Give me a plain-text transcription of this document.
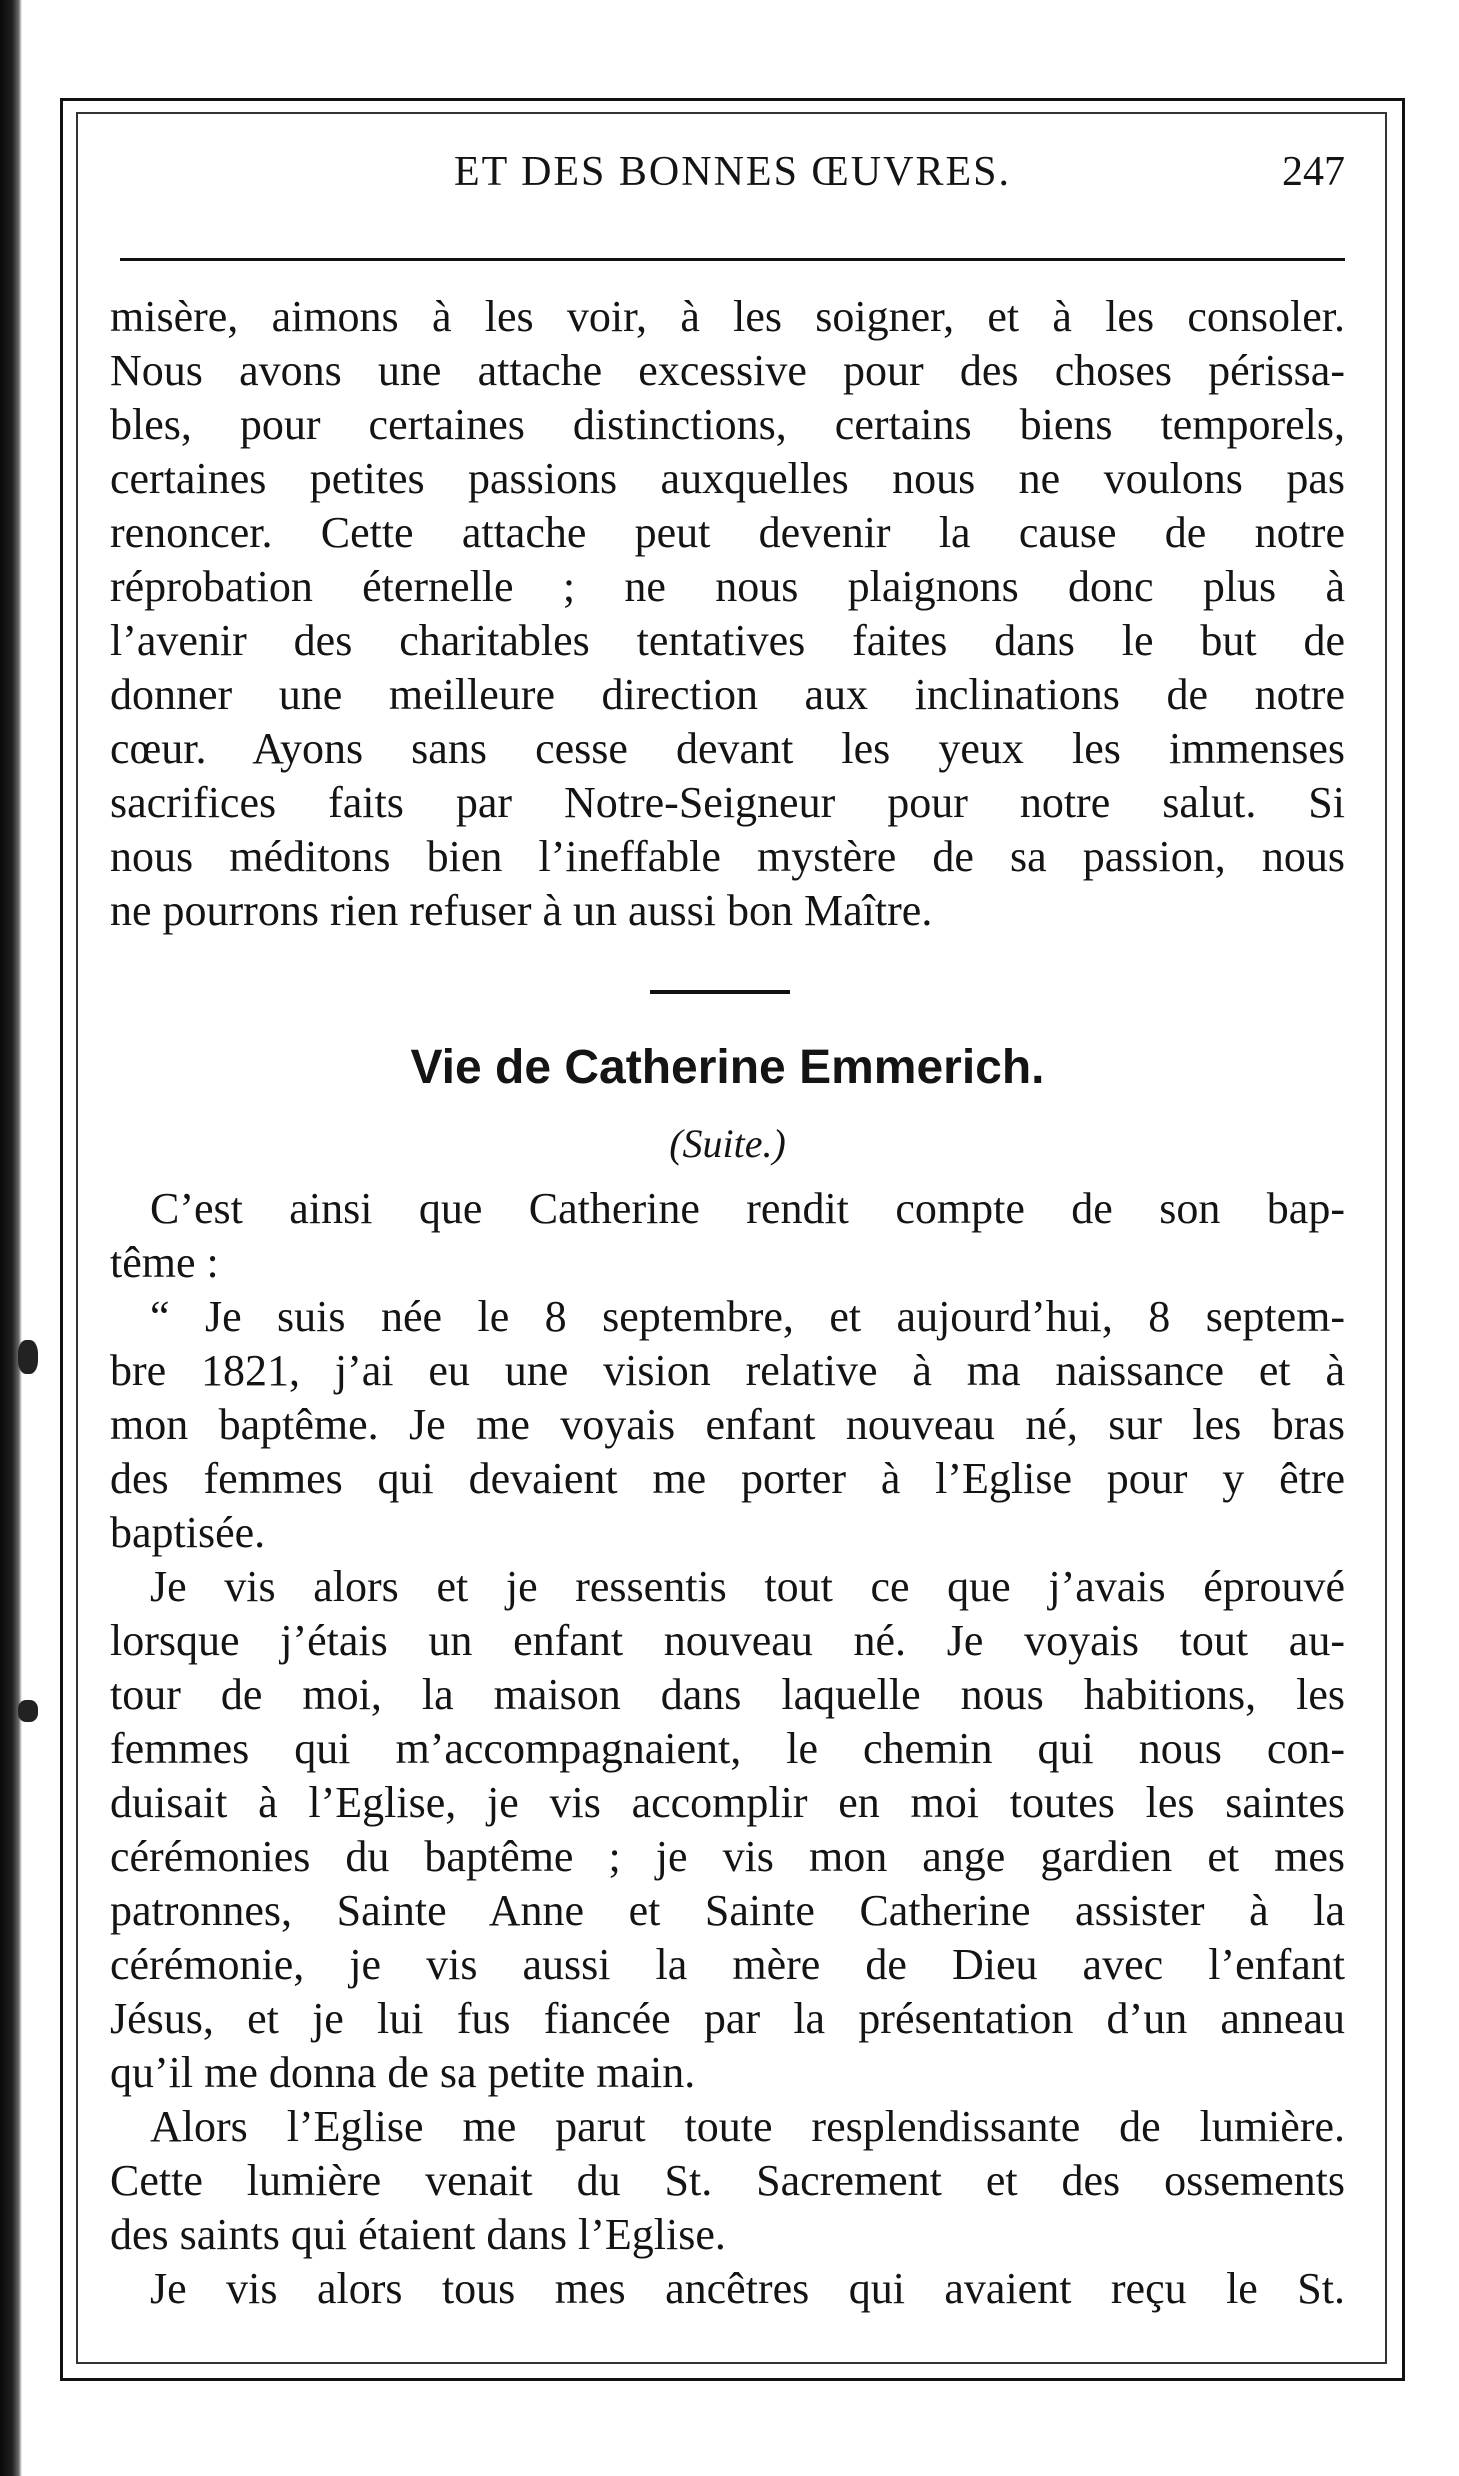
ET DES BONNES ŒUVRES.	247
misère, aimons à les voir, à les soigner, et à les consoler.
Nous avons une attache excessive pour des choses périssa-
bles, pour certaines distinctions, certains biens temporels,
certaines petites passions auxquelles nous ne voulons pas
renoncer. Cette attache peut devenir la cause de notre
réprobation éternelle ; ne nous plaignons donc plus à
l’avenir des charitables tentatives faites dans le but de
donner une meilleure direction aux inclinations de notre
cœur. Ayons sans cesse devant les yeux les immenses
sacrifices faits par Notre-Seigneur pour notre salut. Si
nous méditons bien l’ineffable mystère de sa passion, nous
ne pourrons rien refuser à un aussi bon Maître.
Vie de Catherine Emmerich.
(Suite.)
C’est ainsi que Catherine rendit compte de son bap-
tême :
“ Je suis née le 8 septembre, et aujourd’hui, 8 septem-
bre 1821, j’ai eu une vision relative à ma naissance et à
mon baptême. Je me voyais enfant nouveau né, sur les bras
des femmes qui devaient me porter à l’Eglise pour y être
baptisée.
Je vis alors et je ressentis tout ce que j’avais éprouvé
lorsque j’étais un enfant nouveau né. Je voyais tout au-
tour de moi, la maison dans laquelle nous habitions, les
femmes qui m’accompagnaient, le chemin qui nous con-
duisait à l’Eglise, je vis accomplir en moi toutes les saintes
cérémonies du baptême ; je vis mon ange gardien et mes
patronnes, Sainte Anne et Sainte Catherine assister à la
cérémonie, je vis aussi la mère de Dieu avec l’enfant
Jésus, et je lui fus fiancée par la présentation d’un anneau
qu’il me donna de sa petite main.
Alors l’Eglise me parut toute resplendissante de lumière.
Cette lumière venait du St. Sacrement et des ossements
des saints qui étaient dans l’Eglise.
Je vis alors tous mes ancêtres qui avaient reçu le St.
